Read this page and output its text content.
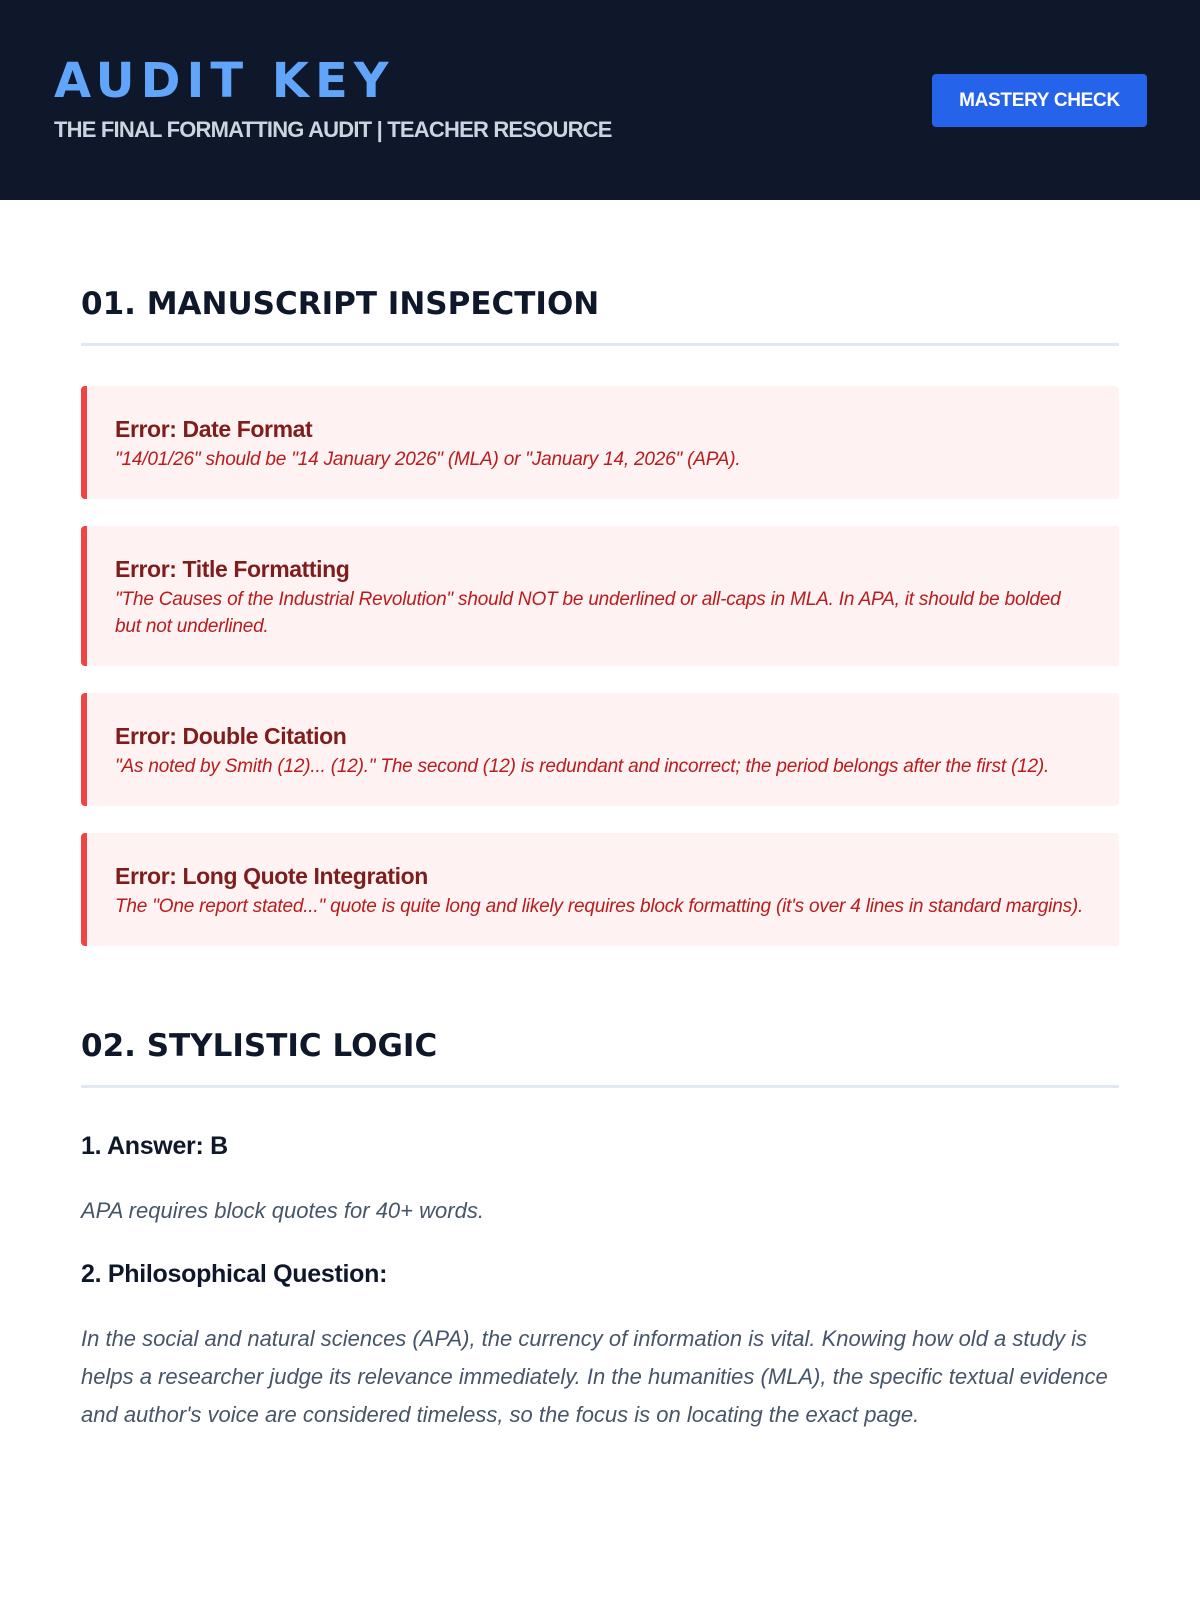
AUDIT KEY

THE FINAL FORMATTING AUDIT | TEACHER RESOURCE

MASTERY CHECK
01. MANUSCRIPT INSPECTION
Error: Date Format

"14/01/26" should be "14 January 2026" (MLA) or "January 14, 2026" (APA).

Error: Title Formatting

"The Causes of the Industrial Revolution" should NOT be underlined or all-caps in MLA. In APA, it should be bolded but not underlined.

Error: Double Citation

"As noted by Smith (12)... (12)." The second (12) is redundant and incorrect; the period belongs after the first (12).

Error: Long Quote Integration

The "One report stated..." quote is quite long and likely requires block formatting (it's over 4 lines in standard margins).

02. STYLISTIC LOGIC
1. Answer: B

APA requires block quotes for 40+ words.

2. Philosophical Question:

In the social and natural sciences (APA), the currency of information is vital. Knowing how old a study is helps a researcher judge its relevance immediately. In the humanities (MLA), the specific textual evidence and author's voice are considered timeless, so the focus is on locating the exact page.
